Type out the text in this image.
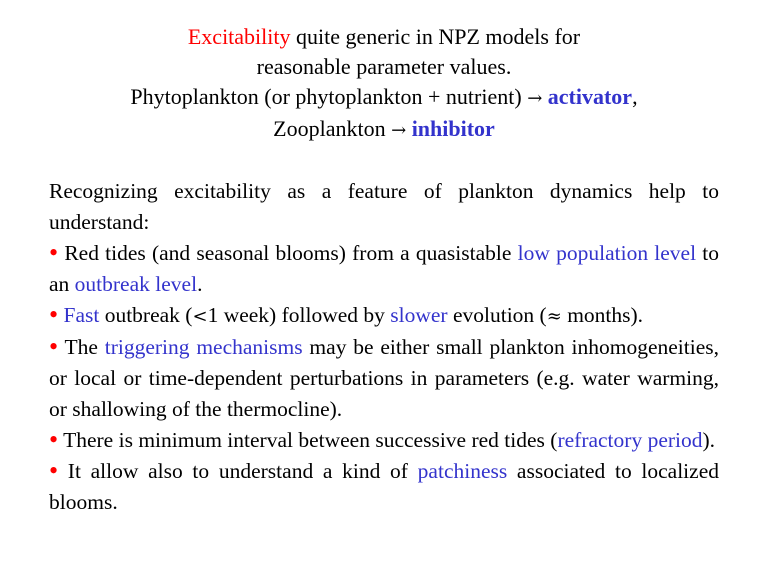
Excitability quite generic in NPZ models for
reasonable parameter values.
Phytoplankton (or phytoplankton + nutrient) → activator,
Zooplankton → inhibitor

Recognizing excitability as a feature of plankton dynamics help to understand:

• Red tides (and seasonal blooms) from a quasistable low population level to an outbreak level.

• Fast outbreak (<1 week) followed by slower evolution (≈ months).

• The triggering mechanisms may be either small plankton inhomogeneities, or local or time-dependent perturbations in parameters (e.g. water warming, or shallowing of the thermocline).

• There is minimum interval between successive red tides (refractory period).

• It allow also to understand a kind of patchiness associated to localized blooms.
